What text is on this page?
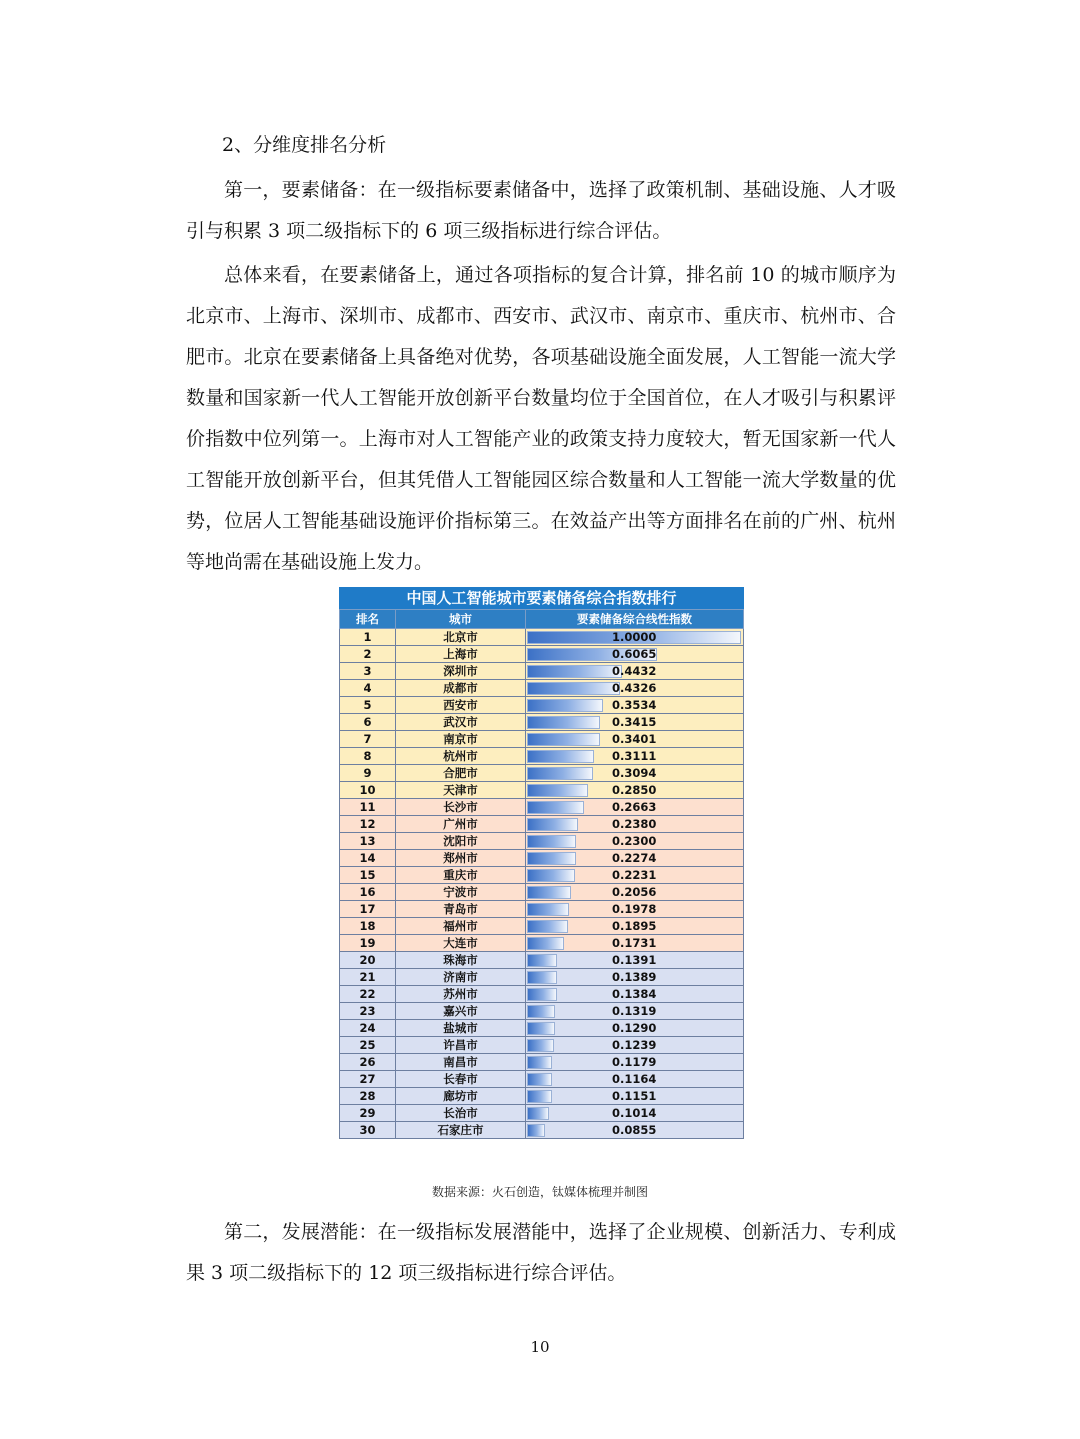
2、分维度排名分析
第一，要素储备：在一级指标要素储备中，选择了政策机制、基础设施、人才吸引与积累 3 项二级指标下的 6 项三级指标进行综合评估。
总体来看，在要素储备上，通过各项指标的复合计算，排名前 10 的城市顺序为北京市、上海市、深圳市、成都市、西安市、武汉市、南京市、重庆市、杭州市、合肥市。北京在要素储备上具备绝对优势，各项基础设施全面发展，人工智能一流大学数量和国家新一代人工智能开放创新平台数量均位于全国首位，在人才吸引与积累评价指数中位列第一。上海市对人工智能产业的政策支持力度较大，暂无国家新一代人工智能开放创新平台，但其凭借人工智能园区综合数量和人工智能一流大学数量的优势，位居人工智能基础设施评价指标第三。在效益产出等方面排名在前的广州、杭州等地尚需在基础设施上发力。
中国人工智能城市要素储备综合指数排行
排名	城市	要素储备综合线性指数
1	北京市	1.0000

2	上海市	0.6065

3	深圳市	0.4432

4	成都市	0.4326

5	西安市	0.3534

6	武汉市	0.3415

7	南京市	0.3401

8	杭州市	0.3111

9	合肥市	0.3094

10	天津市	0.2850

11	长沙市	0.2663

12	广州市	0.2380

13	沈阳市	0.2300

14	郑州市	0.2274

15	重庆市	0.2231

16	宁波市	0.2056

17	青岛市	0.1978

18	福州市	0.1895

19	大连市	0.1731

20	珠海市	0.1391

21	济南市	0.1389

22	苏州市	0.1384

23	嘉兴市	0.1319

24	盐城市	0.1290

25	许昌市	0.1239

26	南昌市	0.1179

27	长春市	0.1164

28	廊坊市	0.1151

29	长治市	0.1014

30	石家庄市	0.0855
数据来源：火石创造，钛媒体梳理并制图
第二，发展潜能：在一级指标发展潜能中，选择了企业规模、创新活力、专利成果 3 项二级指标下的 12 项三级指标进行综合评估。
10
